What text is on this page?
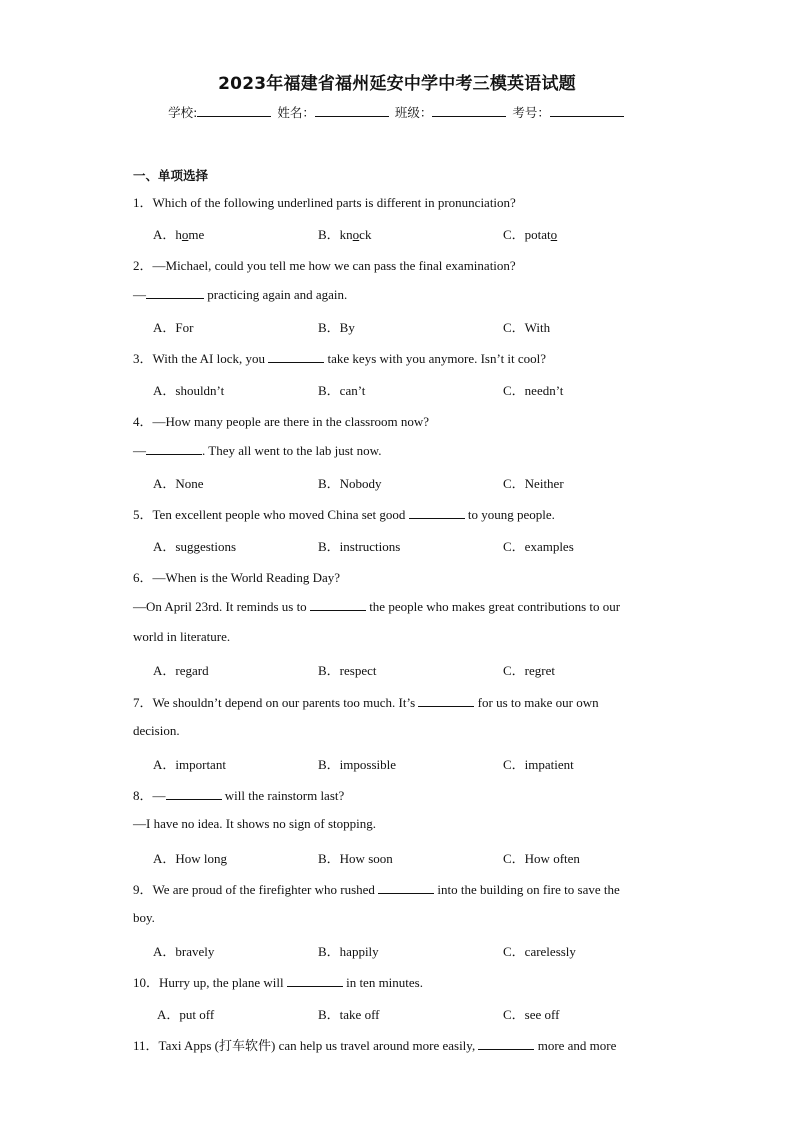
2023年福建省福州延安中学中考三模英语试题
学校:	姓名：	班级：	考号：
一、单项选择
1．Which of the following underlined parts is different in pronunciation?
A．home	B．knock	C．potato
2．—Michael, could you tell me how we can pass the final examination?
—	practicing again and again.
A．For	B．By	C．With
3．With the AI lock, you	take keys with you anymore. Isn’t it cool?
A．shouldn’t	B．can’t	C．needn’t
4．—How many people are there in the classroom now?
—	. They all went to the lab just now.
A．None	B．Nobody	C．Neither
5．Ten excellent people who moved China set good	to young people.
A．suggestions	B．instructions	C．examples
6．—When is the World Reading Day?
—On April 23rd. It reminds us to	the people who makes great contributions to our
world in literature.
A．regard	B．respect	C．regret
7．We shouldn’t depend on our parents too much. It’s	for us to make our own
decision.
A．important	B．impossible	C．impatient
8．—	will the rainstorm last?
—I have no idea. It shows no sign of stopping.
A．How long	B．How soon	C．How often
9．We are proud of the firefighter who rushed	into the building on fire to save the
boy.
A．bravely	B．happily	C．carelessly
10．Hurry up, the plane will	in ten minutes.
A．put off	B．take off	C．see off
11．Taxi Apps (打车软件) can help us travel around more easily,	more and more
